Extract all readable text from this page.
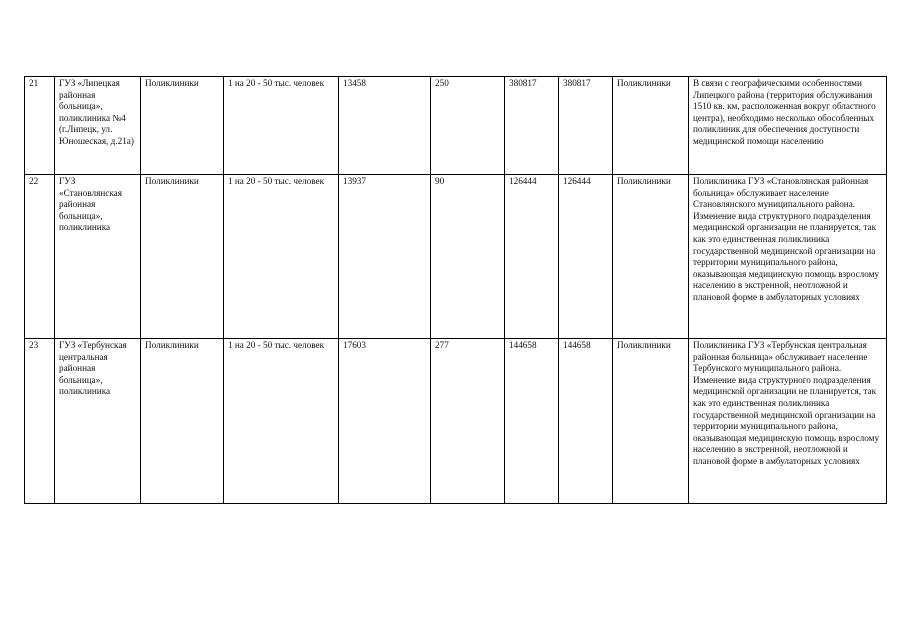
21	ГУЗ «Липецкая районная больница», поликлиника №4 (г.Липецк, ул. Юношеская, д.21а)	Поликлиники	1 на 20 - 50 тыс. человек	13458	250	380817	380817	Поликлиники	В связи с географическими особенностями Липецкого района (территория обслуживания 1510 кв. км, расположенная вокруг областного центра), необходимо несколько обособленных поликлиник для обеспечения доступности медицинской помощи населению
22	ГУЗ «Становлянская районная больница», поликлиника	Поликлиники	1 на 20 - 50 тыс. человек	13937	90	126444	126444	Поликлиники	Поликлиника ГУЗ «Становлянская районная больница» обслуживает население Становлянского муниципального района. Изменение вида структурного подразделения медицинской организации не планируется, так как это единственная поликлиника государственной медицинской организации на территории муниципального района, оказывающая медицинскую помощь взрослому населению в экстренной, неотложной и плановой форме в амбулаторных условиях
23	ГУЗ «Тербунская центральная районная больница», поликлиника	Поликлиники	1 на 20 - 50 тыс. человек	17603	277	144658	144658	Поликлиники	Поликлиника ГУЗ «Тербунская центральная районная больница» обслуживает население Тербунского муниципального района. Изменение вида структурного подразделения медицинской организации не планируется, так как это единственная поликлиника государственной медицинской организации на территории муниципального района, оказывающая медицинскую помощь взрослому населению в экстренной, неотложной и плановой форме в амбулаторных условиях
